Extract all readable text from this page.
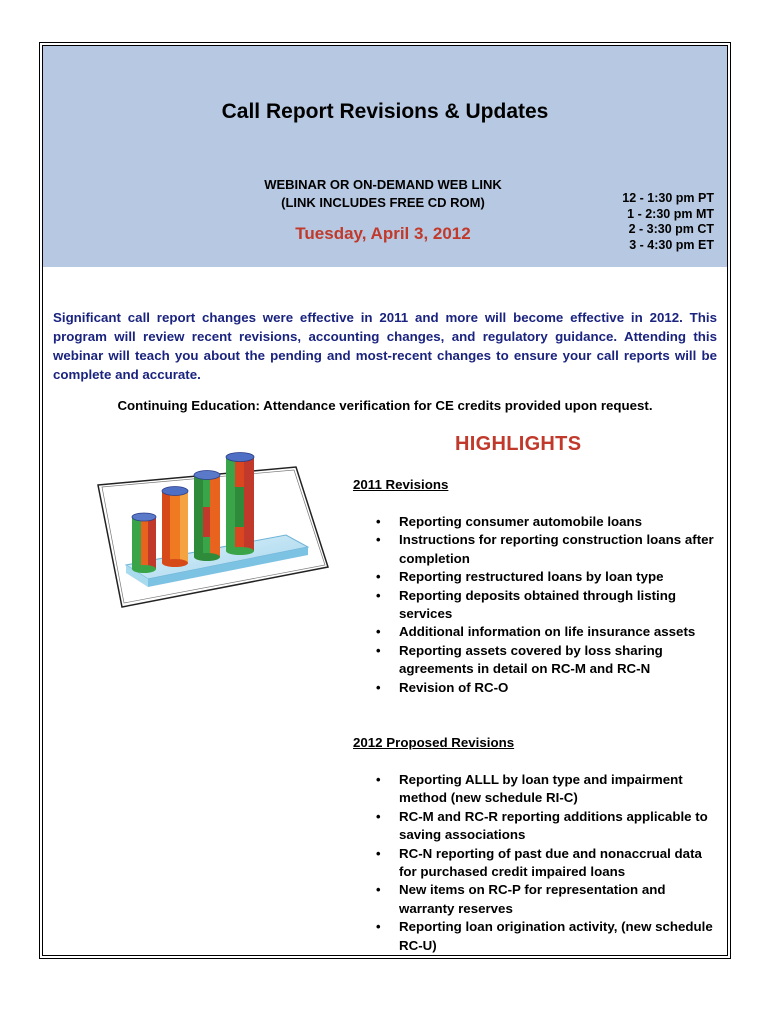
Call Report Revisions & Updates
WEBINAR OR ON-DEMAND WEB LINK
(LINK INCLUDES FREE CD ROM)
Tuesday, April 3, 2012
12 - 1:30 pm PT
1 - 2:30 pm MT
2 - 3:30 pm CT
3 - 4:30 pm ET

Significant call report changes were effective in 2011 and more will become effective in 2012. This program will review recent revisions, accounting changes, and regulatory guidance. Attending this webinar will teach you about the pending and most-recent changes to ensure your call reports will be complete and accurate.

Continuing Education: Attendance verification for CE credits provided upon request.

HIGHLIGHTS
2011 Revisions
• Reporting consumer automobile loans
• Instructions for reporting construction loans after completion
• Reporting restructured loans by loan type
• Reporting deposits obtained through listing services
• Additional information on life insurance assets
• Reporting assets covered by loss sharing agreements in detail on RC-M and RC-N
• Revision of RC-O
2012 Proposed Revisions
• Reporting ALLL by loan type and impairment method (new schedule RI-C)
• RC-M and RC-R reporting additions applicable to saving associations
• RC-N reporting of past due and nonaccrual data for purchased credit impaired loans
• New items on RC-P for representation and warranty reserves
• Reporting loan origination activity, (new schedule RC-U)
